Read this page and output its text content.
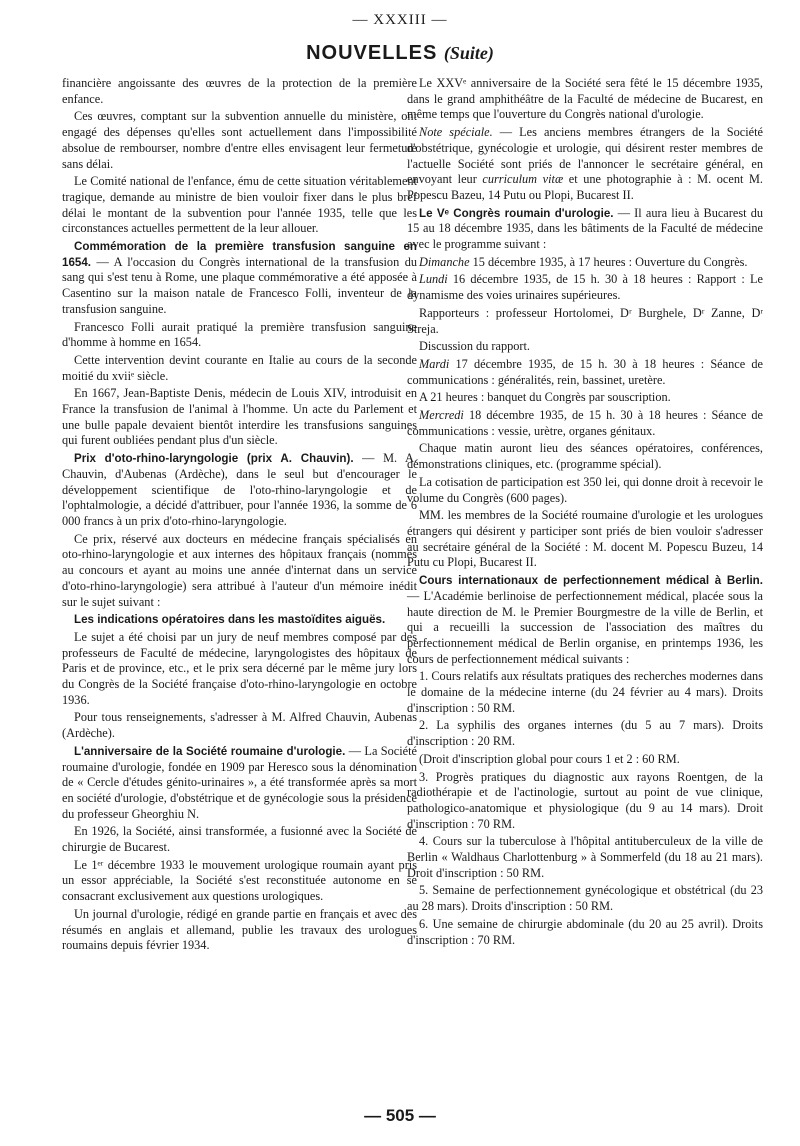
— XXXIII —
NOUVELLES (Suite)

financière angoissante des œuvres de la protection de la première enfance.

Ces œuvres, comptant sur la subvention annuelle du ministère, ont engagé des dépenses qu'elles sont actuellement dans l'impossibilité absolue de rembourser, nombre d'entre elles envisagent leur fermeture sans délai.

Le Comité national de l'enfance, ému de cette situation véritablement tragique, demande au ministre de bien vouloir fixer dans le plus bref délai le montant de la subvention pour l'année 1935, telle que les circonstances actuelles permettent de la leur allouer.

Commémoration de la première transfusion sanguine en 1654. — A l'occasion du Congrès international de la transfusion du sang qui s'est tenu à Rome, une plaque commémorative a été apposée à Casentino sur la maison natale de Francesco Folli, inventeur de la transfusion sanguine.

Francesco Folli aurait pratiqué la première transfusion sanguine d'homme à homme en 1654.

Cette intervention devint courante en Italie au cours de la seconde moitié du xviiᵉ siècle.

En 1667, Jean-Baptiste Denis, médecin de Louis XIV, introduisit en France la transfusion de l'animal à l'homme. Un acte du Parlement et une bulle papale devaient bientôt interdire les transfusions sanguines qui furent oubliées pendant plus d'un siècle.

Prix d'oto-rhino-laryngologie (prix A. Chauvin). — M. A. Chauvin, d'Aubenas (Ardèche), dans le seul but d'encourager le développement scientifique de l'oto-rhino-laryngologie et de l'ophtalmologie, a décidé d'attribuer, pour l'année 1936, la somme de 6 000 francs à un prix d'oto-rhino-laryngologie.

Ce prix, réservé aux docteurs en médecine français spécialisés en oto-rhino-laryngologie et aux internes des hôpitaux français (nommés au concours et ayant au moins une année d'internat dans un service d'oto-rhino-laryngologie) sera attribué à l'auteur d'un mémoire inédit sur le sujet suivant :

Les indications opératoires dans les mastoïdites aiguës.

Le sujet a été choisi par un jury de neuf membres composé par des professeurs de Faculté de médecine, laryngologistes des hôpitaux de Paris et de province, etc., et le prix sera décerné par le même jury lors du Congrès de la Société française d'oto-rhino-laryngologie en octobre 1936.

Pour tous renseignements, s'adresser à M. Alfred Chauvin, Aubenas (Ardèche).

L'anniversaire de la Société roumaine d'urologie. — La Société roumaine d'urologie, fondée en 1909 par Heresco sous la dénomination de « Cercle d'études génito-urinaires », a été transformée après sa mort en société d'urologie, d'obstétrique et de gynécologie sous la présidence du professeur Gheorghiu N.

En 1926, la Société, ainsi transformée, a fusionné avec la Société de chirurgie de Bucarest.

Le 1ᵉʳ décembre 1933 le mouvement urologique roumain ayant pris un essor appréciable, la Société s'est reconstituée autonome en se consacrant exclusivement aux questions urologiques.

Un journal d'urologie, rédigé en grande partie en français et avec des résumés en anglais et allemand, publie les travaux des urologues roumains depuis février 1934.

Le XXVᵉ anniversaire de la Société sera fêté le 15 décembre 1935, dans le grand amphithéâtre de la Faculté de médecine de Bucarest, en même temps que l'ouverture du Congrès national d'urologie.

Note spéciale. — Les anciens membres étrangers de la Société d'obstétrique, gynécologie et urologie, qui désirent rester membres de l'actuelle Société sont priés de l'annoncer le secrétaire général, en envoyant leur curriculum vitæ et une photographie à : M. ocent M. Popescu Bazeu, 14 Putu ou Plopi, Bucarest II.

Le Vᵉ Congrès roumain d'urologie. — Il aura lieu à Bucarest du 15 au 18 décembre 1935, dans les bâtiments de la Faculté de médecine avec le programme suivant :

Dimanche 15 décembre 1935, à 17 heures : Ouverture du Congrès.

Lundi 16 décembre 1935, de 15 h. 30 à 18 heures : Rapport : Le dynamisme des voies urinaires supérieures.

Rapporteurs : professeur Hortolomei, Dʳ Burghele, Dʳ Zanne, Dʳ Streja.

Discussion du rapport.

Mardi 17 décembre 1935, de 15 h. 30 à 18 heures : Séance de communications : généralités, rein, bassinet, uretère.

A 21 heures : banquet du Congrès par souscription.

Mercredi 18 décembre 1935, de 15 h. 30 à 18 heures : Séance de communications : vessie, urètre, organes génitaux.

Chaque matin auront lieu des séances opératoires, conférences, démonstrations cliniques, etc. (programme spécial).

La cotisation de participation est 350 lei, qui donne droit à recevoir le volume du Congrès (600 pages).

MM. les membres de la Société roumaine d'urologie et les urologues étrangers qui désirent y participer sont priés de bien vouloir s'adresser au secrétaire général de la Société : M. docent M. Popescu Buzeu, 14 Putu cu Plopi, Bucarest II.

Cours internationaux de perfectionnement médical à Berlin. — L'Académie berlinoise de perfectionnement médical, placée sous la haute direction de M. le Premier Bourgmestre de la ville de Berlin, et qui a recueilli la succession de l'association des maîtres du perfectionnement médical de Berlin organise, en printemps 1936, les cours de perfectionnement médical suivants :

1. Cours relatifs aux résultats pratiques des recherches modernes dans le domaine de la médecine interne (du 24 février au 4 mars). Droits d'inscription : 50 RM.

2. La syphilis des organes internes (du 5 au 7 mars). Droits d'inscription : 20 RM.

(Droit d'inscription global pour cours 1 et 2 : 60 RM.

3. Progrès pratiques du diagnostic aux rayons Roentgen, de la radiothérapie et de l'actinologie, surtout au point de vue clinique, pathologico-anatomique et physiologique (du 9 au 14 mars). Droit d'inscription : 70 RM.

4. Cours sur la tuberculose à l'hôpital antituberculeux de la ville de Berlin « Waldhaus Charlottenburg » à Sommerfeld (du 18 au 21 mars). Droit d'inscription : 50 RM.

5. Semaine de perfectionnement gynécologique et obstétrical (du 23 au 28 mars). Droits d'inscription : 50 RM.

6. Une semaine de chirurgie abdominale (du 20 au 25 avril). Droits d'inscription : 70 RM.

— 505 —
